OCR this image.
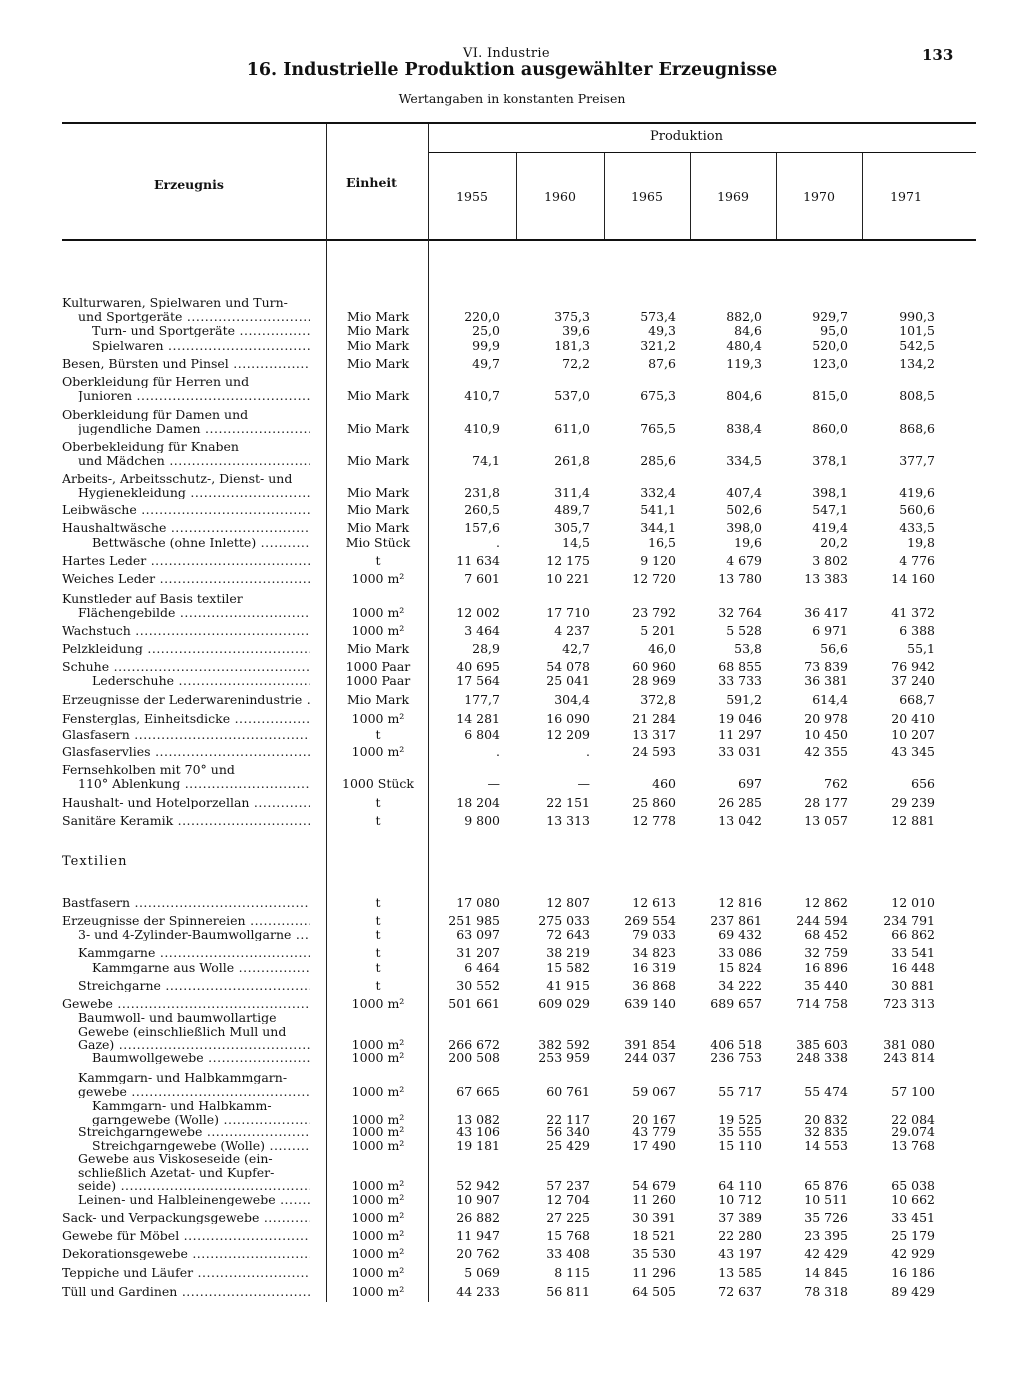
VI. Industrie	133
16. Industrielle Produktion ausgewählter Erzeugnisse
Wertangaben in konstanten Preisen
Erzeugnis	Einheit
Produktion
1955	1960	1965	1969	1970	1971
Textilien
Kulturwaren, Spielwaren und Turn-
und Sportgeräte .....	Mio Mark	220,0	375,3	573,4	882,0	929,7	990,3
Turn- und Sportgeräte .....	Mio Mark	25,0	39,6	49,3	84,6	95,0	101,5
Spielwaren .....	Mio Mark	99,9	181,3	321,2	480,4	520,0	542,5
Besen, Bürsten und Pinsel .....	Mio Mark	49,7	72,2	87,6	119,3	123,0	134,2
Oberkleidung für Herren und
Junioren .....	Mio Mark	410,7	537,0	675,3	804,6	815,0	808,5
Oberkleidung für Damen und
jugendliche Damen .....	Mio Mark	410,9	611,0	765,5	838,4	860,0	868,6
Oberbekleidung für Knaben
und Mädchen .....	Mio Mark	74,1	261,8	285,6	334,5	378,1	377,7
Arbeits-, Arbeitsschutz-, Dienst- und
Hygienekleidung .....	Mio Mark	231,8	311,4	332,4	407,4	398,1	419,6
Leibwäsche .....	Mio Mark	260,5	489,7	541,1	502,6	547,1	560,6
Haushaltwäsche .....	Mio Mark	157,6	305,7	344,1	398,0	419,4	433,5
Bettwäsche (ohne Inlette) .....	Mio Stück	.	14,5	16,5	19,6	20,2	19,8
Hartes Leder .....	t	11 634	12 175	9 120	4 679	3 802	4 776
Weiches Leder .....	1000 m²	7 601	10 221	12 720	13 780	13 383	14 160
Kunstleder auf Basis textiler
Flächengebilde .....	1000 m²	12 002	17 710	23 792	32 764	36 417	41 372
Wachstuch .....	1000 m²	3 464	4 237	5 201	5 528	6 971	6 388
Pelzkleidung .....	Mio Mark	28,9	42,7	46,0	53,8	56,6	55,1
Schuhe .....	1000 Paar	40 695	54 078	60 960	68 855	73 839	76 942
Lederschuhe .....	1000 Paar	17 564	25 041	28 969	33 733	36 381	37 240
Erzeugnisse der Lederwarenindustrie .....	Mio Mark	177,7	304,4	372,8	591,2	614,4	668,7
Fensterglas, Einheitsdicke .....	1000 m²	14 281	16 090	21 284	19 046	20 978	20 410
Glasfasern .....	t	6 804	12 209	13 317	11 297	10 450	10 207
Glasfaservlies .....	1000 m²	.	.	24 593	33 031	42 355	43 345
Fernsehkolben mit 70° und
110° Ablenkung .....	1000 Stück	—	—	460	697	762	656
Haushalt- und Hotelporzellan .....	t	18 204	22 151	25 860	26 285	28 177	29 239
Sanitäre Keramik .....	t	9 800	13 313	12 778	13 042	13 057	12 881
Bastfasern .....	t	17 080	12 807	12 613	12 816	12 862	12 010
Erzeugnisse der Spinnereien .....	t	251 985	275 033	269 554	237 861	244 594	234 791
3- und 4-Zylinder-Baumwollgarne .....	t	63 097	72 643	79 033	69 432	68 452	66 862
Kammgarne .....	t	31 207	38 219	34 823	33 086	32 759	33 541
Kammgarne aus Wolle .....	t	6 464	15 582	16 319	15 824	16 896	16 448
Streichgarne .....	t	30 552	41 915	36 868	34 222	35 440	30 881
Gewebe .....	1000 m²	501 661	609 029	639 140	689 657	714 758	723 313
Baumwoll- und baumwollartige
Gewebe (einschließlich Mull und
Gaze) .....	1000 m²	266 672	382 592	391 854	406 518	385 603	381 080
Baumwollgewebe .....	1000 m²	200 508	253 959	244 037	236 753	248 338	243 814
Kammgarn- und Halbkammgarn-
gewebe .....	1000 m²	67 665	60 761	59 067	55 717	55 474	57 100
Kammgarn- und Halbkamm-
garngewebe (Wolle) .....	1000 m²	13 082	22 117	20 167	19 525	20 832	22 084
Streichgarngewebe .....	1000 m²	43 106	56 340	43 779	35 555	32 835	29.074
Streichgarngewebe (Wolle) .....	1000 m²	19 181	25 429	17 490	15 110	14 553	13 768
Gewebe aus Viskoseseide (ein-
schließlich Azetat- und Kupfer-
seide) .....	1000 m²	52 942	57 237	54 679	64 110	65 876	65 038
Leinen- und Halbleinengewebe .....	1000 m²	10 907	12 704	11 260	10 712	10 511	10 662
Sack- und Verpackungsgewebe .....	1000 m²	26 882	27 225	30 391	37 389	35 726	33 451
Gewebe für Möbel .....	1000 m²	11 947	15 768	18 521	22 280	23 395	25 179
Dekorationsgewebe .....	1000 m²	20 762	33 408	35 530	43 197	42 429	42 929
Teppiche und Läufer .....	1000 m²	5 069	8 115	11 296	13 585	14 845	16 186
Tüll und Gardinen .....	1000 m²	44 233	56 811	64 505	72 637	78 318	89 429
